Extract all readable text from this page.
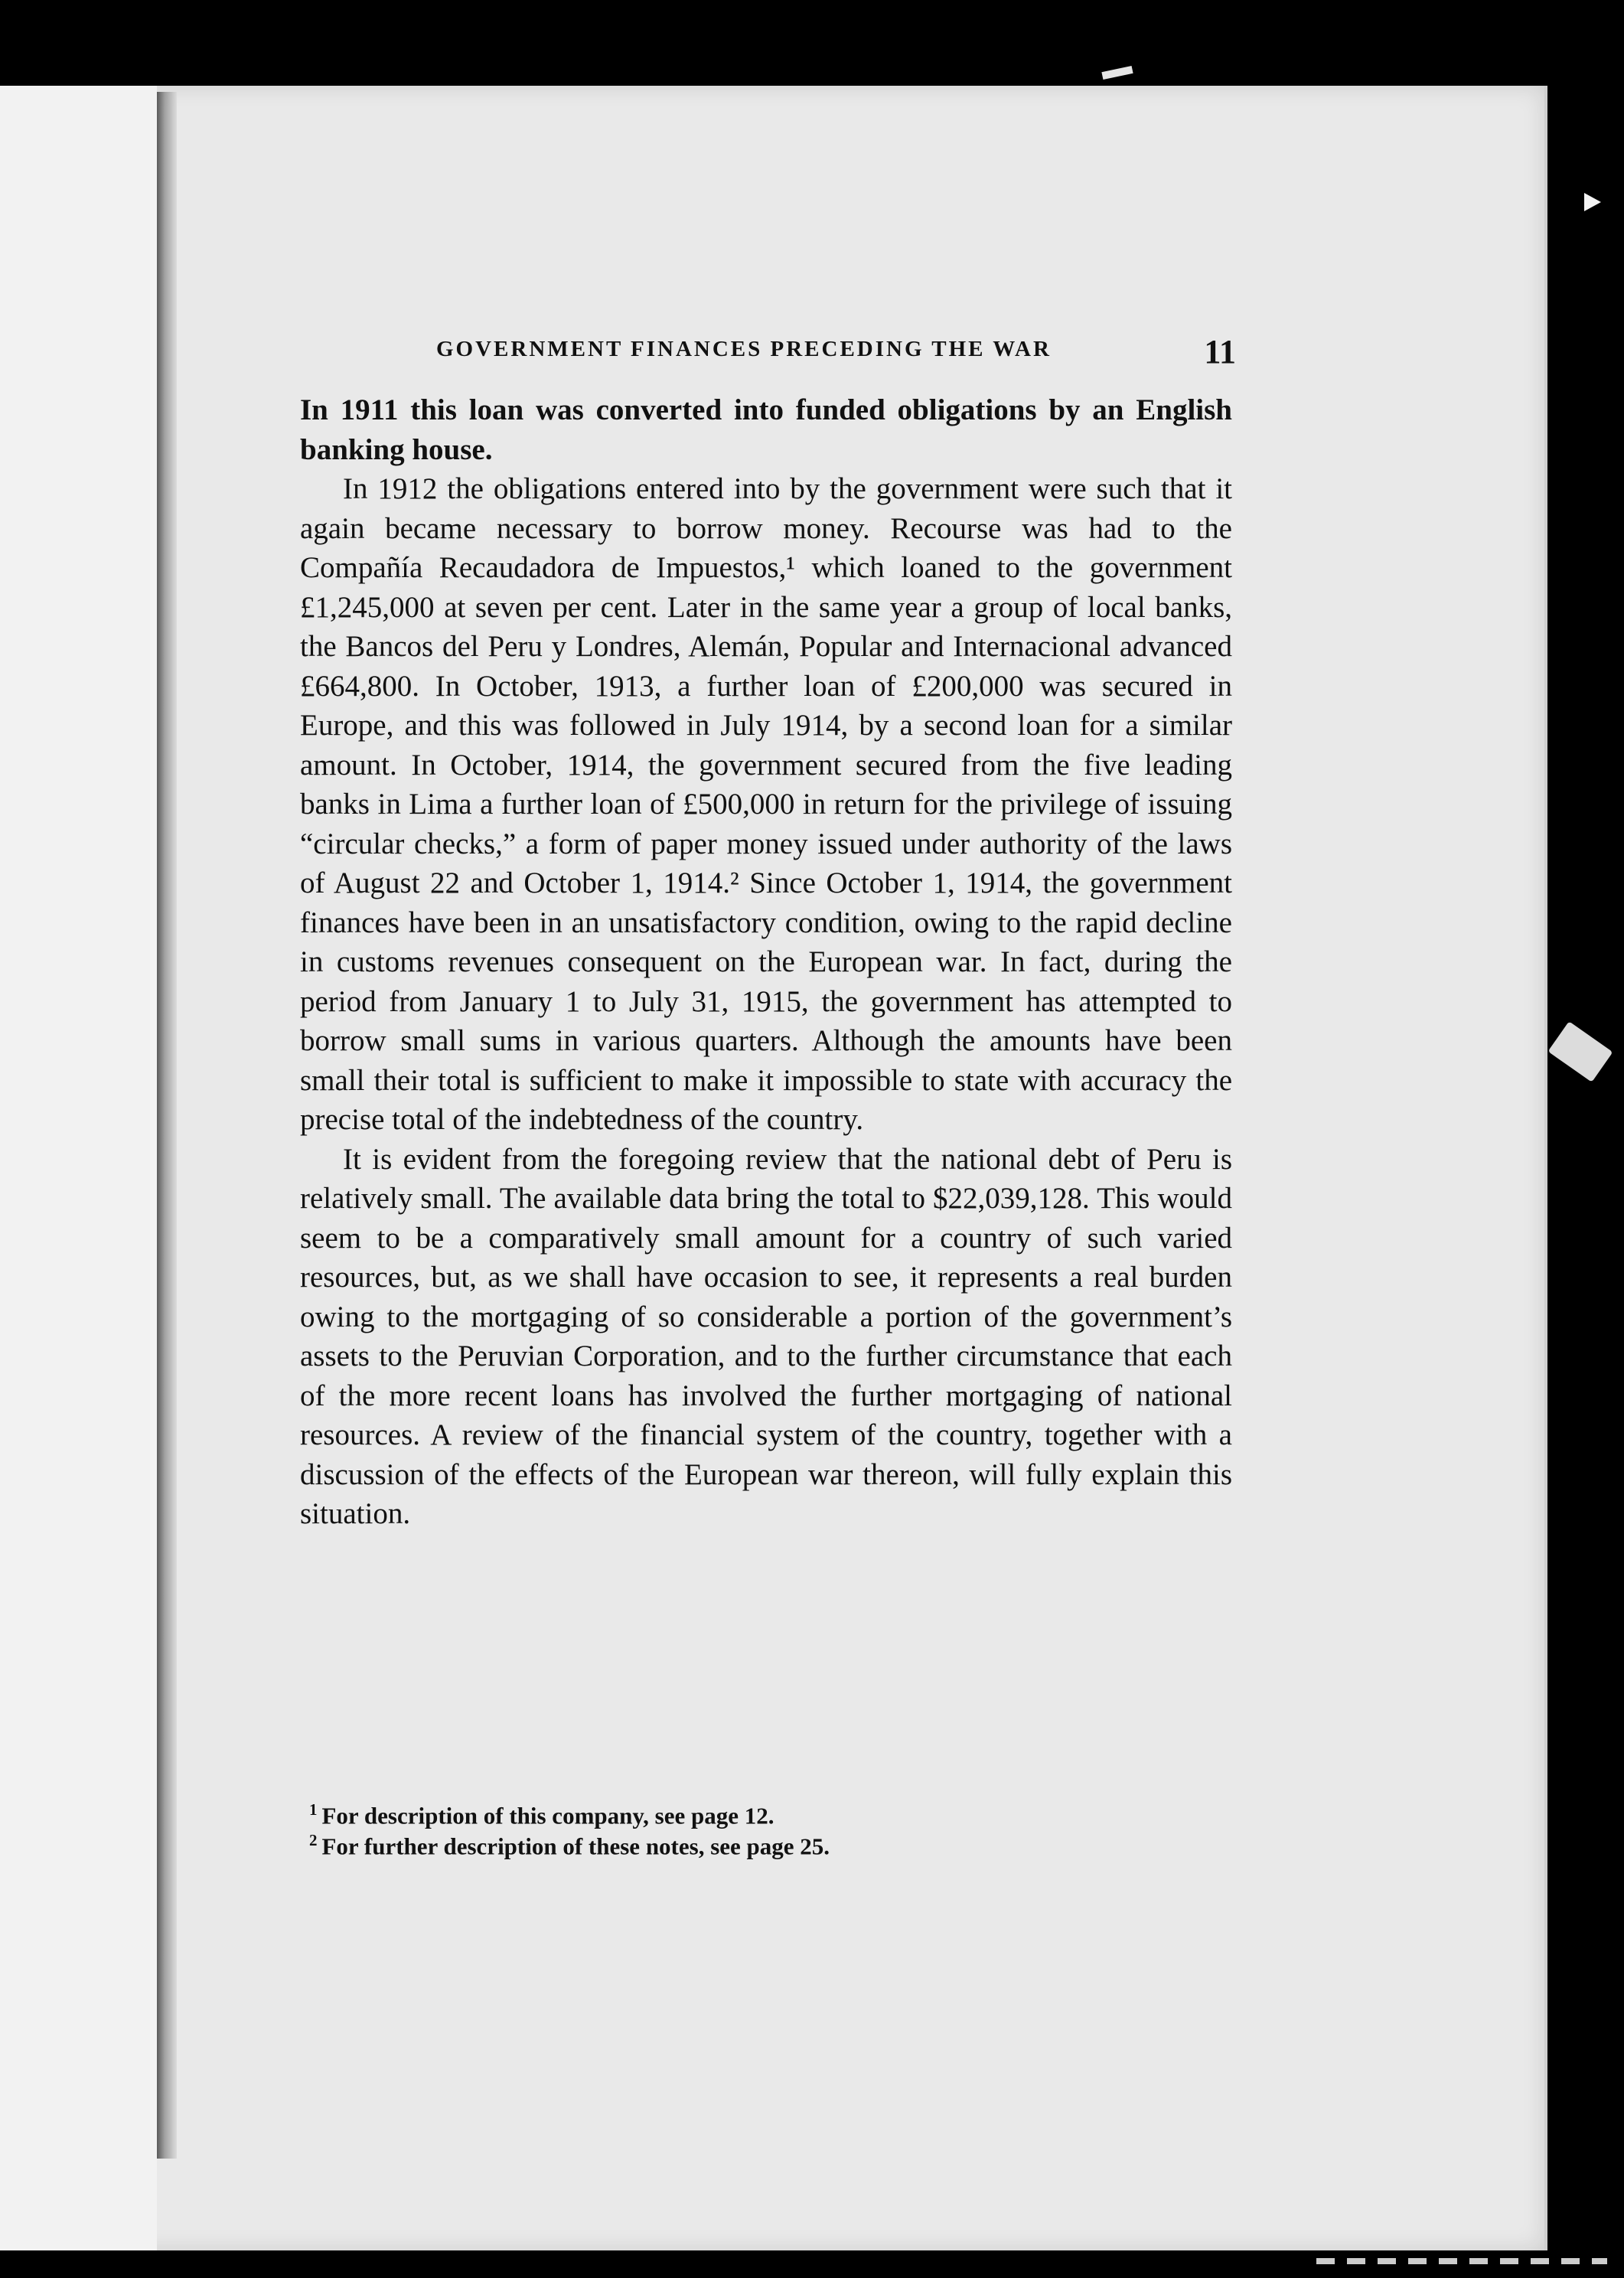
GOVERNMENT FINANCES PRECEDING THE WAR	11

In 1911 this loan was converted into funded obligations by an English banking house.

In 1912 the obligations entered into by the government were such that it again became necessary to borrow money. Recourse was had to the Compañía Recaudadora de Impuestos,¹ which loaned to the government £1,245,000 at seven per cent. Later in the same year a group of local banks, the Bancos del Peru y Londres, Alemán, Popular and Internacional advanced £664,800. In October, 1913, a further loan of £200,000 was secured in Europe, and this was followed in July 1914, by a second loan for a similar amount. In October, 1914, the government secured from the five leading banks in Lima a further loan of £500,000 in return for the privilege of issuing “circular checks,” a form of paper money issued under authority of the laws of August 22 and October 1, 1914.² Since October 1, 1914, the government finances have been in an unsatisfactory condition, owing to the rapid decline in customs revenues consequent on the European war. In fact, during the period from January 1 to July 31, 1915, the government has attempted to borrow small sums in various quarters. Although the amounts have been small their total is sufficient to make it impossible to state with accuracy the precise total of the indebtedness of the country.

It is evident from the foregoing review that the national debt of Peru is relatively small. The available data bring the total to $22,039,128. This would seem to be a comparatively small amount for a country of such varied resources, but, as we shall have occasion to see, it represents a real burden owing to the mortgaging of so considerable a portion of the government’s assets to the Peruvian Corporation, and to the further circumstance that each of the more recent loans has involved the further mortgaging of national resources. A review of the financial system of the country, together with a discussion of the effects of the European war thereon, will fully explain this situation.

$^1$ For description of this company, see page 12.

$^2$ For further description of these notes, see page 25.
